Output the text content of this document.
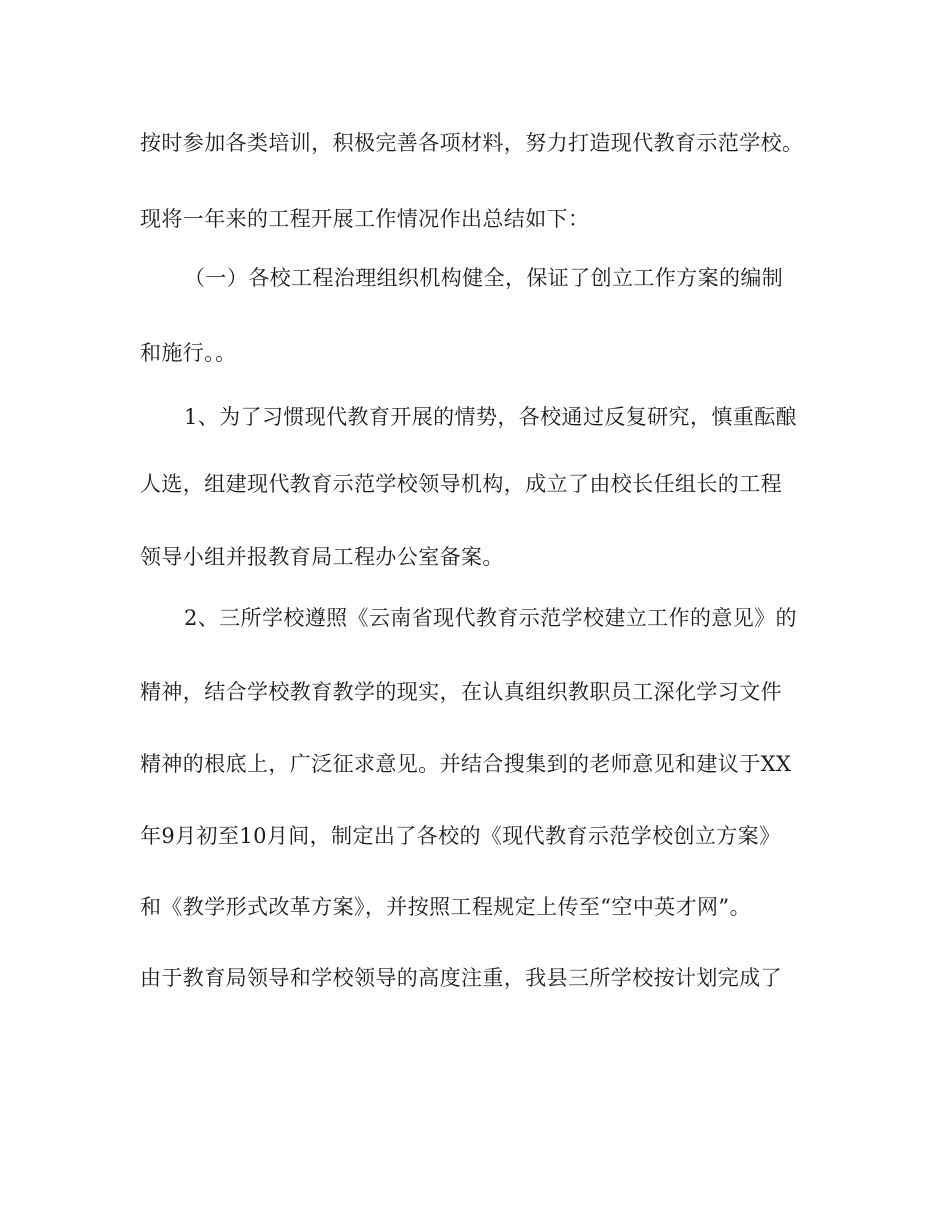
按时参加各类培训，积极完善各项材料，努力打造现代教育示范学校。
现将一年来的工程开展工作情况作出总结如下：
（一）各校工程治理组织机构健全，保证了创立工作方案的编制
和施行。。
1、为了习惯现代教育开展的情势，各校通过反复研究，慎重酝酿
人选，组建现代教育示范学校领导机构，成立了由校长任组长的工程
领导小组并报教育局工程办公室备案。
2、三所学校遵照《云南省现代教育示范学校建立工作的意见》的
精神，结合学校教育教学的现实，在认真组织教职员工深化学习文件
精神的根底上，广泛征求意见。并结合搜集到的老师意见和建议于XX
年9月初至10月间，制定出了各校的《现代教育示范学校创立方案》
和《教学形式改革方案》，并按照工程规定上传至“空中英才网”。
由于教育局领导和学校领导的高度注重，我县三所学校按计划完成了
